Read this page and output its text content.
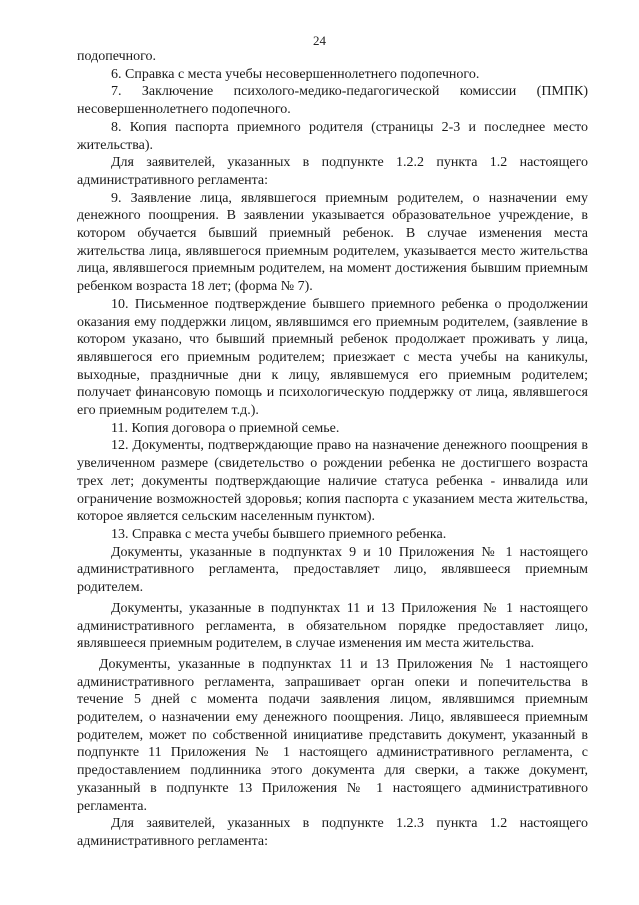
24

подопечного.

6. Справка с места учебы несовершеннолетнего подопечного.

7. Заключение психолого-медико-педагогической комиссии (ПМПК) несовершеннолетнего подопечного.

8. Копия паспорта приемного родителя (страницы 2-3 и последнее место жительства).

Для заявителей, указанных в подпункте 1.2.2 пункта 1.2 настоящего административного регламента:

9. Заявление лица, являвшегося приемным родителем, о назначении ему денежного поощрения. В заявлении указывается образовательное учреждение, в котором обучается бывший приемный ребенок. В случае изменения места жительства лица, являвшегося приемным родителем, указывается место жительства лица, являвшегося приемным родителем, на момент достижения бывшим приемным ребенком возраста 18 лет; (форма № 7).

10. Письменное подтверждение бывшего приемного ребенка о продолжении оказания ему поддержки лицом, являвшимся его приемным родителем, (заявление в котором указано, что бывший приемный ребенок продолжает проживать у лица, являвшегося его приемным родителем; приезжает с места учебы на каникулы, выходные, праздничные дни к лицу, являвшемуся его приемным родителем; получает финансовую помощь и психологическую поддержку от лица, являвшегося его приемным родителем т.д.).

11. Копия договора о приемной семье.

12. Документы, подтверждающие право на назначение денежного поощрения в увеличенном размере (свидетельство о рождении ребенка не достигшего возраста трех лет; документы подтверждающие наличие статуса ребенка - инвалида или ограничение возможностей здоровья; копия паспорта с указанием места жительства, которое является сельским населенным пунктом).

13. Справка с места учебы бывшего приемного ребенка.

Документы, указанные в подпунктах 9 и 10 Приложения № 1 настоящего административного регламента, предоставляет лицо, являвшееся приемным родителем.

Документы, указанные в подпунктах 11 и 13 Приложения № 1 настоящего административного регламента, в обязательном порядке предоставляет лицо, являвшееся приемным родителем, в случае изменения им места жительства.

Документы, указанные в подпунктах 11 и 13 Приложения № 1 настоящего административного регламента, запрашивает орган опеки и попечительства в течение 5 дней с момента подачи заявления лицом, являвшимся приемным родителем, о назначении ему денежного поощрения. Лицо, являвшееся приемным родителем, может по собственной инициативе представить документ, указанный в подпункте 11 Приложения № 1 настоящего административного регламента, с предоставлением подлинника этого документа для сверки, а также документ, указанный в подпункте 13 Приложения № 1 настоящего административного регламента.

Для заявителей, указанных в подпункте 1.2.3 пункта 1.2 настоящего административного регламента:
